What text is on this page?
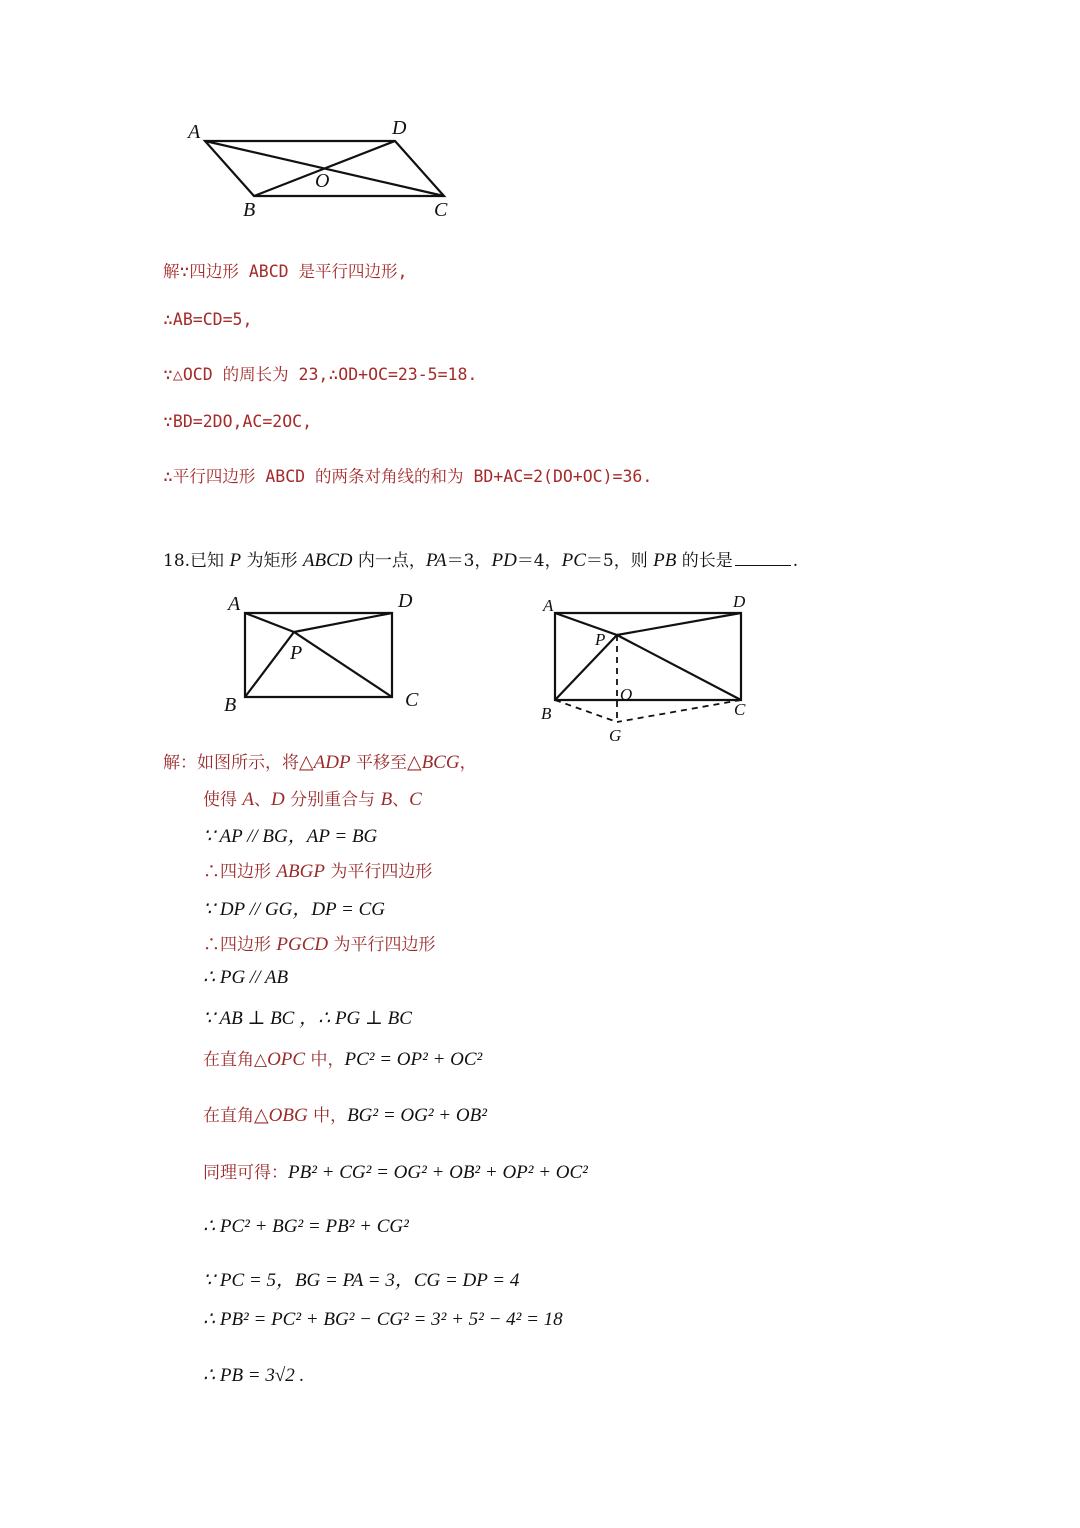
A	D
O
B	C
解∵四边形 ABCD 是平行四边形,
∴AB=CD=5,
∵△OCD 的周长为 23,∴OD+OC=23-5=18.
∵BD=2DO,AC=2OC,
∴平行四边形 ABCD 的两条对角线的和为 BD+AC=2(DO+OC)=36.
18.已知 P 为矩形 ABCD 内一点，PA＝3，PD＝4，PC＝5，则 PB 的长是	.
A	D
P
B	C
A	D
P
O
B	C
G
解：如图所示，将△ADP 平移至△BCG，
使得 A、D 分别重合与 B、C
∵ AP // BG，AP = BG
∴四边形 ABGP 为平行四边形
∵ DP // GG，DP = CG
∴四边形 PGCD 为平行四边形
∴ PG // AB
∵ AB ⊥ BC ，∴ PG ⊥ BC
在直角△OPC 中，PC² = OP² + OC²
在直角△OBG 中，BG² = OG² + OB²
同理可得：PB² + CG² = OG² + OB² + OP² + OC²
∴ PC² + BG² = PB² + CG²
∵ PC = 5，BG = PA = 3，CG = DP = 4
∴ PB² = PC² + BG² − CG² = 3² + 5² − 4² = 18
∴ PB = 3√2 .
